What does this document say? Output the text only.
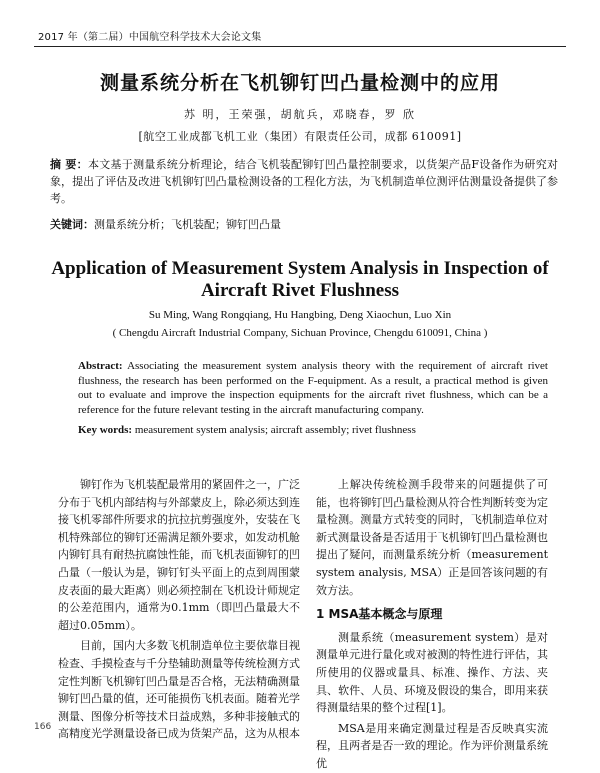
2017 年（第二届）中国航空科学技术大会论文集
测量系统分析在飞机铆钉凹凸量检测中的应用
苏 明，王荣强，胡航兵，邓晓春，罗 欣
[航空工业成都飞机工业（集团）有限责任公司，成都 610091]
摘 要：本文基于测量系统分析理论，结合飞机装配铆钉凹凸量控制要求，以货架产品F设备作为研究对象，提出了评估及改进飞机铆钉凹凸量检测设备的工程化方法，为飞机制造单位测评估测量设备提供了参考。
关键词：测量系统分析；飞机装配；铆钉凹凸量
Application of Measurement System Analysis in Inspection of Aircraft Rivet Flushness
Su Ming, Wang Rongqiang, Hu Hangbing, Deng Xiaochun, Luo Xin
( Chengdu Aircraft Industrial Company, Sichuan Province, Chengdu 610091, China )
Abstract: Associating the measurement system analysis theory with the requirement of aircraft rivet flushness, the research has been performed on the F-equipment. As a result, a practical method is given out to evaluate and improve the inspection equipments for the aircraft rivet flushness, which can be a reference for the future relevant testing in the aircraft manufacturing company.
Key words: measurement system analysis; aircraft assembly; rivet flushness

铆钉作为飞机装配最常用的紧固件之一，广泛分布于飞机内部结构与外部蒙皮上，除必须达到连接飞机零部件所要求的抗拉抗剪强度外，安装在飞机特殊部位的铆钉还需满足额外要求，如发动机舱内铆钉具有耐热抗腐蚀性能，而飞机表面铆钉的凹凸量（一般认为是，铆钉钉头平面上的点到周围蒙皮表面的最大距离）则必须控制在飞机设计师规定的公差范围内，通常为0.1mm（即凹凸量最大不超过0.05mm）。

目前，国内大多数飞机制造单位主要依靠目视检查、手摸检查与千分垫辅助测量等传统检测方式定性判断飞机铆钉凹凸量是否合格，无法精确测量铆钉凹凸量的值，还可能损伤飞机表面。随着光学测量、图像分析等技术日益成熟，多种非接触式的高精度光学测量设备已成为货架产品，这为从根本

上解决传统检测手段带来的问题提供了可能，也将铆钉凹凸量检测从符合性判断转变为定量检测。测量方式转变的同时，飞机制造单位对新式测量设备是否适用于飞机铆钉凹凸量检测也提出了疑问，而测量系统分析（measurement system analysis, MSA）正是回答该问题的有效方法。

1 MSA基本概念与原理

测量系统（measurement system）是对测量单元进行量化或对被测的特性进行评估，其所使用的仪器或量具、标准、操作、方法、夹具、软件、人员、环境及假设的集合，即用来获得测量结果的整个过程[1]。

MSA是用来确定测量过程是否反映真实流程，且两者是否一致的理论。作为评价测量系统优

166
